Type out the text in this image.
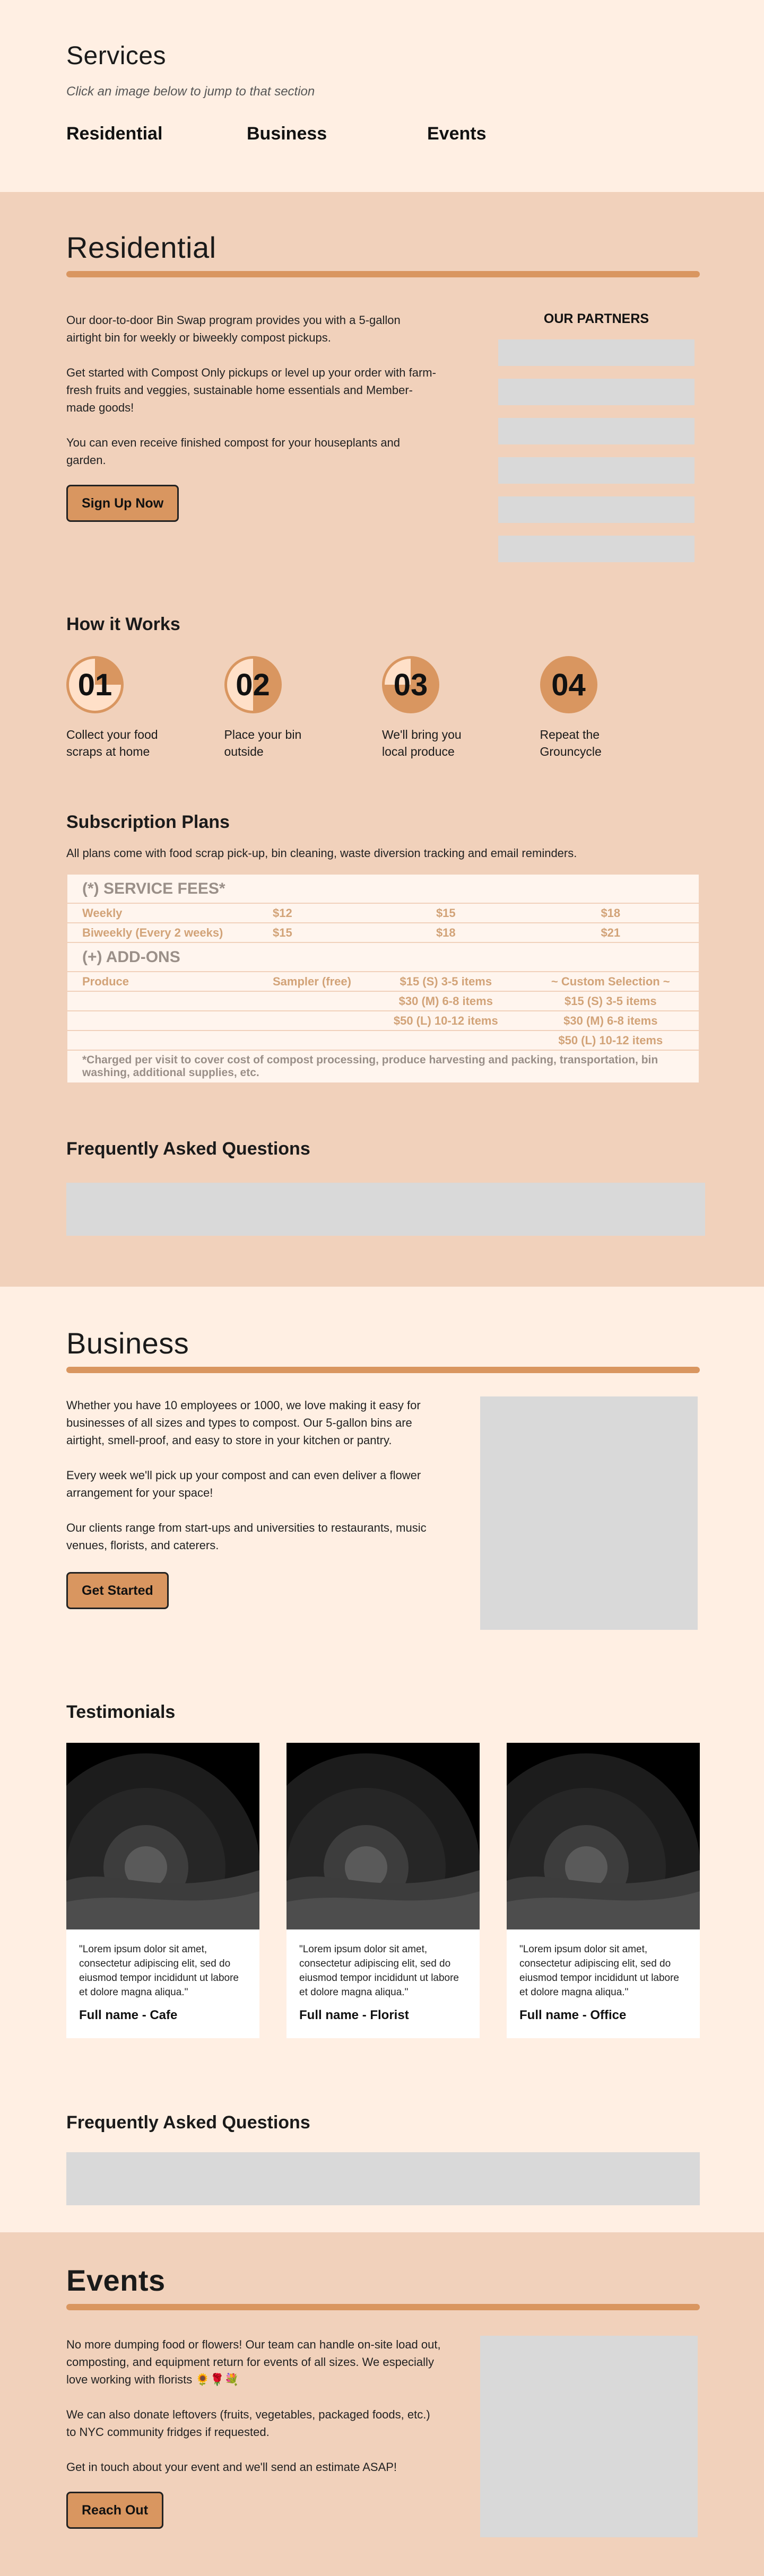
Services
Click an image below to jump to that section
Residential	Business	Events
Residential

Our door-to-door Bin Swap program provides you with a 5-gallon airtight bin for weekly or biweekly compost pickups.

Get started with Compost Only pickups or level up your order with farm-fresh fruits and veggies, sustainable home essentials and Member-made goods!

You can even receive finished compost for your houseplants and garden.

Sign Up Now
OUR PARTNERS
How it Works
01
Collect your food scraps at home
02
Place your bin outside
03
We'll bring you local produce
04
Repeat the Grouncycle
Subscription Plans
All plans come with food scrap pick-up, bin cleaning, waste diversion tracking and email reminders.
(*) SERVICE FEES*			
Weekly	$12	$15	$18
Biweekly (Every 2 weeks)	$15	$18	$21
(+) ADD-ONS			
Produce	Sampler (free)	$15 (S) 3-5 items	~ Custom Selection ~
		$30 (M) 6-8 items	$15 (S) 3-5 items
		$50 (L) 10-12 items	$30 (M) 6-8 items
			$50 (L) 10-12 items
*Charged per visit to cover cost of compost processing, produce harvesting and packing, transportation, bin washing, additional supplies, etc.			
Frequently Asked Questions
Business

Whether you have 10 employees or 1000, we love making it easy for businesses of all sizes and types to compost. Our 5-gallon bins are airtight, smell-proof, and easy to store in your kitchen or pantry.

Every week we'll pick up your compost and can even deliver a flower arrangement for your space!

Our clients range from start-ups and universities to restaurants, music venues, florists, and caterers.

Get Started
Testimonials
"Lorem ipsum dolor sit amet, consectetur adipiscing elit, sed do eiusmod tempor incididunt ut labore et dolore magna aliqua."
Full name - Cafe
"Lorem ipsum dolor sit amet, consectetur adipiscing elit, sed do eiusmod tempor incididunt ut labore et dolore magna aliqua."
Full name - Florist
"Lorem ipsum dolor sit amet, consectetur adipiscing elit, sed do eiusmod tempor incididunt ut labore et dolore magna aliqua."
Full name - Office
Frequently Asked Questions
Events

No more dumping food or flowers! Our team can handle on-site load out, composting, and equipment return for events of all sizes. We especially love working with florists 🌻🌹💐

We can also donate leftovers (fruits, vegetables, packaged foods, etc.) to NYC community fridges if requested.

Get in touch about your event and we'll send an estimate ASAP!

Reach Out
